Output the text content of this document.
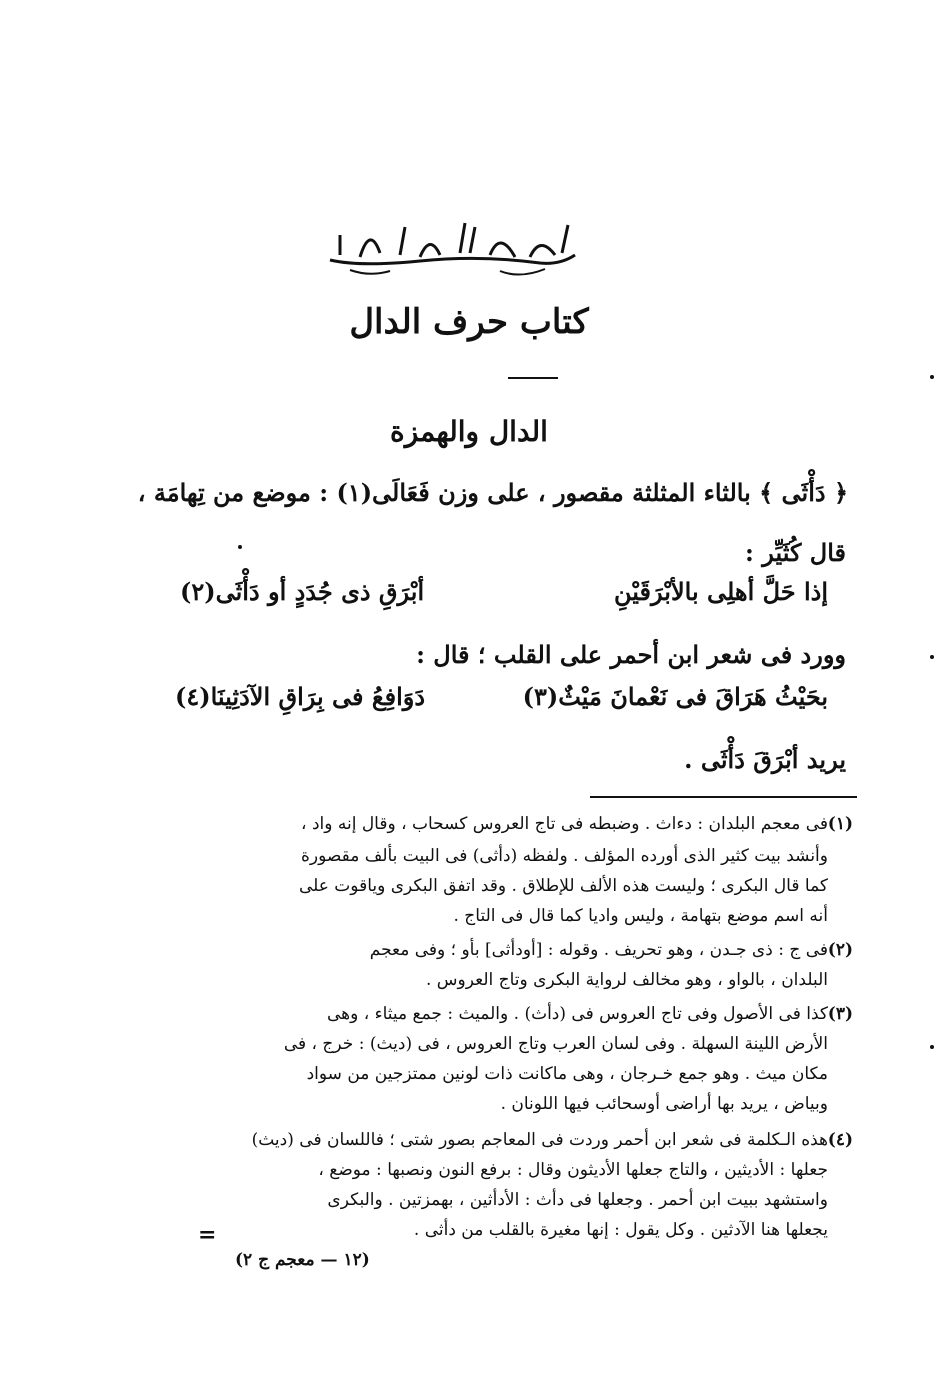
كتاب حرف الدال
الدال والهمزة
﴿ دَأْثَى ﴾ بالثاء المثلثة مقصور ، على وزن فَعَالَى(١) : موضع من تِهامَة ،
قال كُثَيِّر :
إذا حَلَّ أهلِى بالأبْرَقَيْنِ
أبْرَقِ ذى جُدَدٍ أو دَأْثَى(٢)
وورد فى شعر ابن أحمر على القلب ؛ قال :
بحَيْثُ هَرَاقَ فى نَعْمانَ مَيْثٌ(٣)
دَوَافِعُ فى بِرَاقِ الآدَثِينَا(٤)
يريد أبْرَقَ دَأْثَى .
(١)
فى معجم البلدان : دءاث . وضبطه فى تاج العروس كسحاب ، وقال إنه واد ،
وأنشد بيت كثير الذى أورده المؤلف . ولفظه (دأثى) فى البيت بألف مقصورة
كما قال البكرى ؛ وليست هذه الألف للإطلاق . وقد اتفق البكرى وياقوت على
أنه اسم موضع بتهامة ، وليس واديا كما قال فى التاج .
(٢)
فى ج : ذى جـدن ، وهو تحريف . وقوله : [أودأثى] بأو ؛ وفى معجم
البلدان ، بالواو ، وهو مخالف لرواية البكرى وتاج العروس .
(٣)
كذا فى الأصول وفى تاج العروس فى (دأث) . والميث : جمع ميثاء ، وهى
الأرض اللينة السهلة . وفى لسان العرب وتاج العروس ، فى (ديث) : خرج ، فى
مكان ميث . وهو جمع خـرجان ، وهى ماكانت ذات لونين ممتزجين من سواد
وبياض ، يريد بها أراضى أوسحائب فيها اللونان .
(٤)
هذه الـكلمة فى شعر ابن أحمر وردت فى المعاجم بصور شتى ؛ فاللسان فى (ديث)
جعلها : الأديثين ، والتاج جعلها الأديثون وقال : برفع النون ونصبها : موضع ،
واستشهد ببيت ابن أحمر . وجعلها فى دأث : الأدأثين ، بهمزتين . والبكرى
يجعلها هنا الآدثين . وكل يقول : إنها مغيرة بالقلب من دأثى .
=
(١٢ — معجم ج ٢)
